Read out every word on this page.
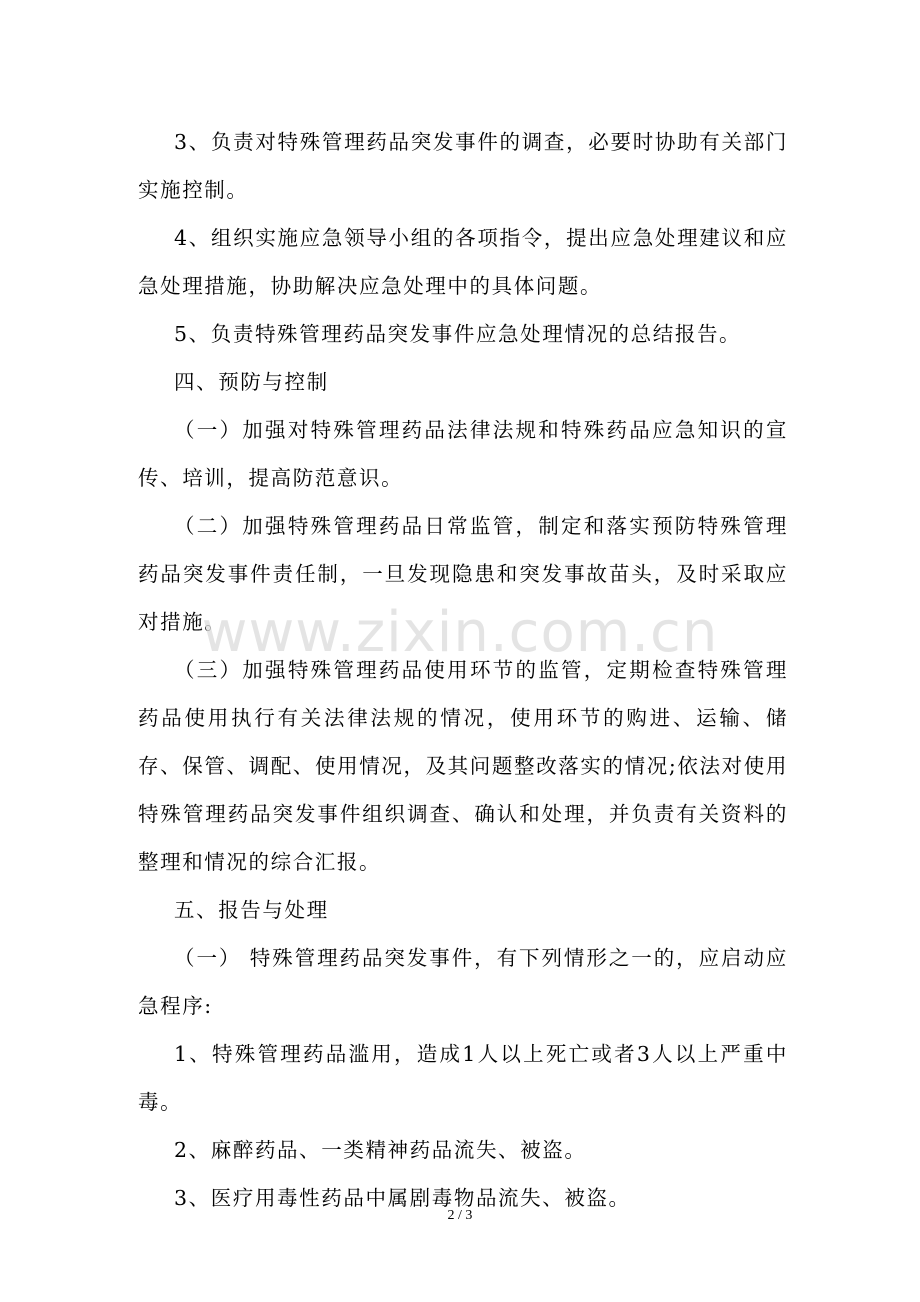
3、负责对特殊管理药品突发事件的调查，必要时协助有关部门实施控制。

4、组织实施应急领导小组的各项指令，提出应急处理建议和应急处理措施，协助解决应急处理中的具体问题。

5、负责特殊管理药品突发事件应急处理情况的总结报告。

四、预防与控制

（一）加强对特殊管理药品法律法规和特殊药品应急知识的宣传、培训，提高防范意识。

（二）加强特殊管理药品日常监管，制定和落实预防特殊管理药品突发事件责任制，一旦发现隐患和突发事故苗头，及时采取应对措施。

（三）加强特殊管理药品使用环节的监管，定期检查特殊管理药品使用执行有关法律法规的情况，使用环节的购进、运输、储存、保管、调配、使用情况，及其问题整改落实的情况;依法对使用特殊管理药品突发事件组织调查、确认和处理，并负责有关资料的整理和情况的综合汇报。

五、报告与处理

（一） 特殊管理药品突发事件，有下列情形之一的，应启动应急程序:

1、特殊管理药品滥用，造成1人以上死亡或者3人以上严重中毒。

2、麻醉药品、一类精神药品流失、被盗。

3、医疗用毒性药品中属剧毒物品流失、被盗。

www.zixin.com.cn
2 / 3
